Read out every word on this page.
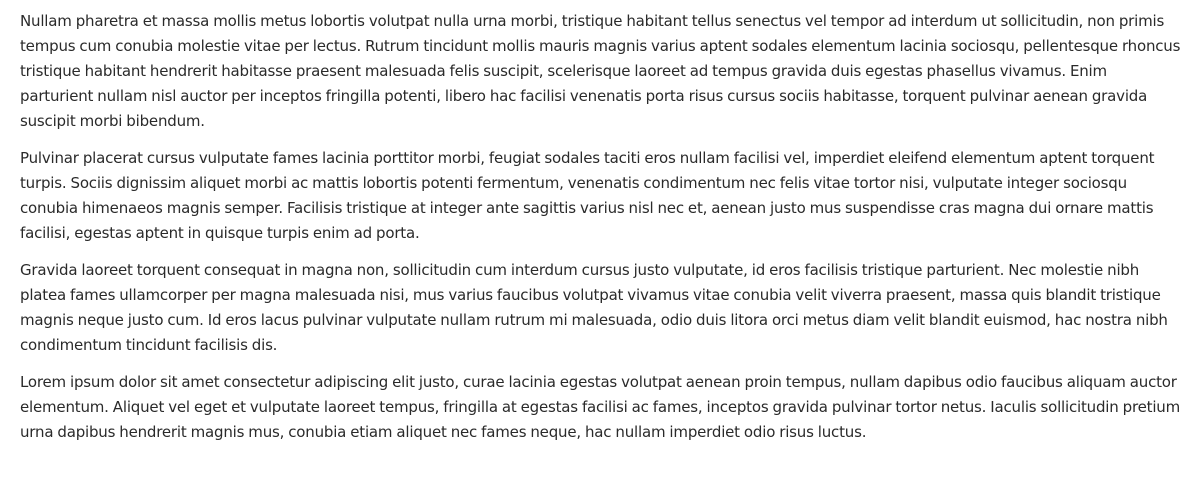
Nullam pharetra et massa mollis metus lobortis volutpat nulla urna morbi, tristique habitant tellus senectus vel tempor ad interdum ut sollicitudin, non primis tempus cum conubia molestie vitae per lectus. Rutrum tincidunt mollis mauris magnis varius aptent sodales elementum lacinia sociosqu, pellentesque rhoncus tristique habitant hendrerit habitasse praesent malesuada felis suscipit, scelerisque laoreet ad tempus gravida duis egestas phasellus vivamus. Enim parturient nullam nisl auctor per inceptos fringilla potenti, libero hac facilisi venenatis porta risus cursus sociis habitasse, torquent pulvinar aenean gravida suscipit morbi bibendum.

Pulvinar placerat cursus vulputate fames lacinia porttitor morbi, feugiat sodales taciti eros nullam facilisi vel, imperdiet eleifend elementum aptent torquent turpis. Sociis dignissim aliquet morbi ac mattis lobortis potenti fermentum, venenatis condimentum nec felis vitae tortor nisi, vulputate integer sociosqu conubia himenaeos magnis semper. Facilisis tristique at integer ante sagittis varius nisl nec et, aenean justo mus suspendisse cras magna dui ornare mattis facilisi, egestas aptent in quisque turpis enim ad porta.

Gravida laoreet torquent consequat in magna non, sollicitudin cum interdum cursus justo vulputate, id eros facilisis tristique parturient. Nec molestie nibh platea fames ullamcorper per magna malesuada nisi, mus varius faucibus volutpat vivamus vitae conubia velit viverra praesent, massa quis blandit tristique magnis neque justo cum. Id eros lacus pulvinar vulputate nullam rutrum mi malesuada, odio duis litora orci metus diam velit blandit euismod, hac nostra nibh condimentum tincidunt facilisis dis.

Lorem ipsum dolor sit amet consectetur adipiscing elit justo, curae lacinia egestas volutpat aenean proin tempus, nullam dapibus odio faucibus aliquam auctor elementum. Aliquet vel eget et vulputate laoreet tempus, fringilla at egestas facilisi ac fames, inceptos gravida pulvinar tortor netus. Iaculis sollicitudin pretium urna dapibus hendrerit magnis mus, conubia etiam aliquet nec fames neque, hac nullam imperdiet odio risus luctus.
